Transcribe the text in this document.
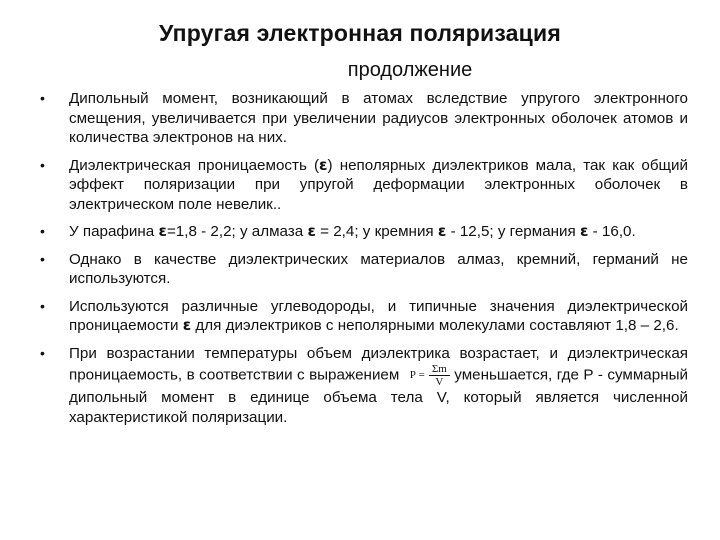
Упругая электронная поляризация
продолжение
• Дипольный момент, возникающий в атомах вследствие упругого электронного смещения, увеличивается при увеличении радиусов электронных оболочек атомов и количества электронов на них.
• Диэлектрическая проницаемость (ε) неполярных диэлектриков мала, так как общий эффект поляризации при упругой деформации электронных оболочек в электрическом поле невелик..
• У парафина ε=1,8 - 2,2; у алмаза ε = 2,4; у кремния ε - 12,5; у германия ε - 16,0.
• Однако в качестве диэлектрических материалов алмаз, кремний, германий не используются.
• Используются различные углеводороды, и типичные значения диэлектрической проницаемости ε для диэлектриков с неполярными молекулами составляют 1,8 – 2,6.
• При возрастании температуры объем диэлектрика возрастает, и диэлектрическая проницаемость, в соответствии с выражением P
= $\frac{\Sigma m}{V}$ уменьшается, где Р - суммарный дипольный момент в единице объема тела V, который является численной характеристикой поляризации.
